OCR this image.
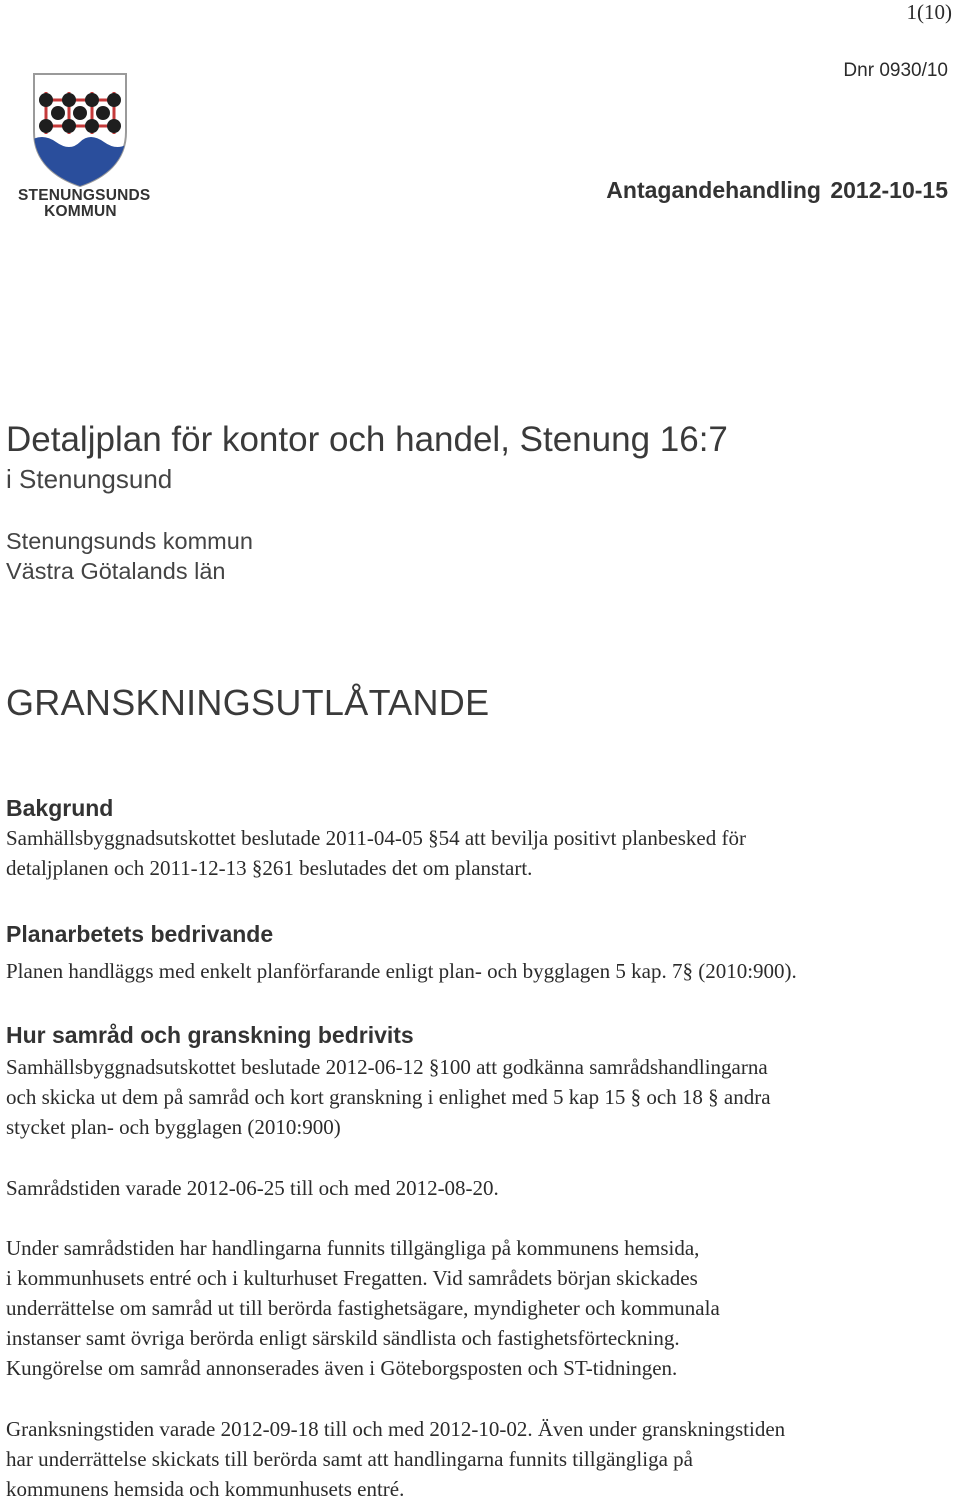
1(10)
Dnr 0930/10
Antagandehandling 2012-10-15
STENUNGSUNDS
KOMMUN
Detaljplan för kontor och handel, Stenung 16:7
i Stenungsund
Stenungsunds kommun
Västra Götalands län
GRANSKNINGSUTLÅTANDE
Bakgrund
Samhällsbyggnadsutskottet beslutade 2011-04-05 §54 att bevilja positivt planbesked för
detaljplanen och 2011-12-13 §261 beslutades det om planstart.
Planarbetets bedrivande
Planen handläggs med enkelt planförfarande enligt plan- och bygglagen 5 kap. 7§ (2010:900).
Hur samråd och granskning bedrivits
Samhällsbyggnadsutskottet beslutade 2012-06-12 §100 att godkänna samrådshandlingarna
och skicka ut dem på samråd och kort granskning i enlighet med 5 kap 15 § och 18 § andra
stycket plan- och bygglagen (2010:900)
Samrådstiden varade 2012-06-25 till och med 2012-08-20.
Under samrådstiden har handlingarna funnits tillgängliga på kommunens hemsida,
i kommunhusets entré och i kulturhuset Fregatten. Vid samrådets början skickades
underrättelse om samråd ut till berörda fastighetsägare, myndigheter och kommunala
instanser samt övriga berörda enligt särskild sändlista och fastighetsförteckning.
Kungörelse om samråd annonserades även i Göteborgsposten och ST-tidningen.
Granksningstiden varade 2012-09-18 till och med 2012-10-02. Även under granskningstiden
har underrättelse skickats till berörda samt att handlingarna funnits tillgängliga på
kommunens hemsida och kommunhusets entré.
